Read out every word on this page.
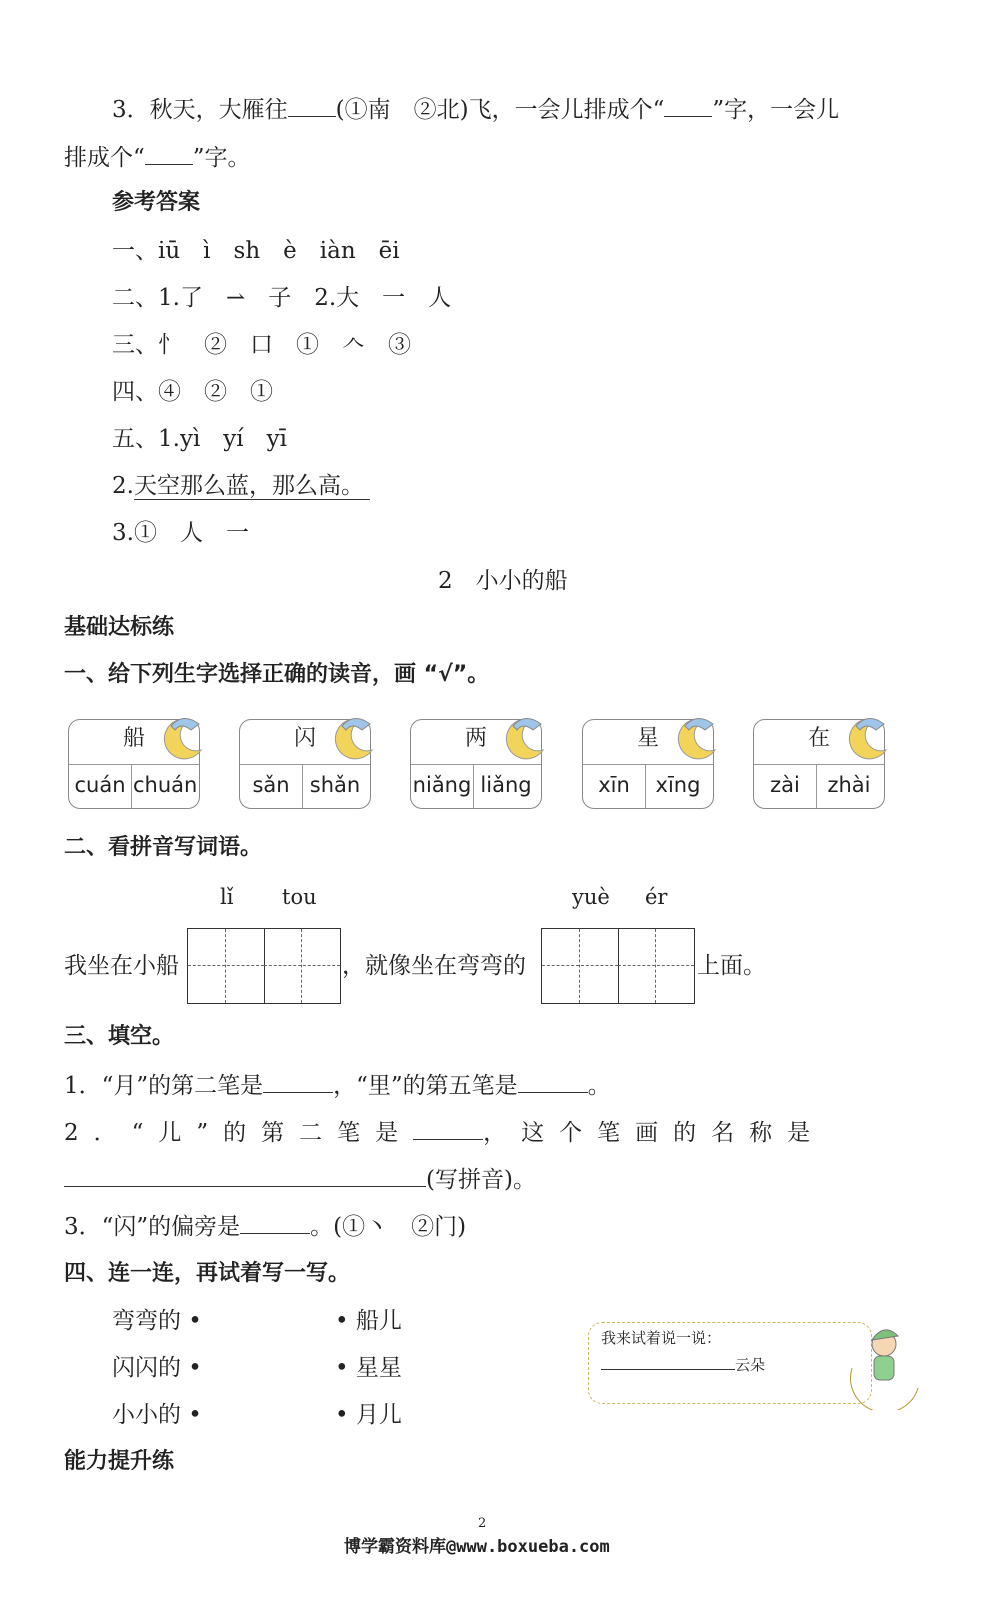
3．秋天，大雁往 (①南　②北)飞，一会儿排成个“ ”字，一会儿
排成个“ ”字。
参考答案
一、iū　ì　sh　è　iàn　ēi
二、1.了　⇀　子　2.大　一　人
三、忄　②　口　①　𠆢　③
四、④　②　①
五、1.yì　yí　yī
2.天空那么蓝，那么高。
3.①　人　一
2　小小的船
基础达标练
一、给下列生字选择正确的读音，画 “√”。
船
cuán chuán
闪
sǎn shǎn
两
niǎng liǎng
星
xīn	xīng
在
zài	zhài
二、看拼音写词语。
lǐ tou	yuè ér
我坐在小船	，就像坐在弯弯的	上面。
三、填空。
1．“月”的第二笔是	，“里”的第五笔是	。
2．“儿”的第二笔是	，这个笔画的名称是
(写拼音)。
3．“闪”的偏旁是	。(①丶　②门)
四、连一连，再试着写一写。
弯弯的 •
闪闪的 •
小小的 •
• 船儿
• 星星
• 月儿
我来试着说一说：
云朵
能力提升练
2
博学霸资料库@www.boxueba.com
